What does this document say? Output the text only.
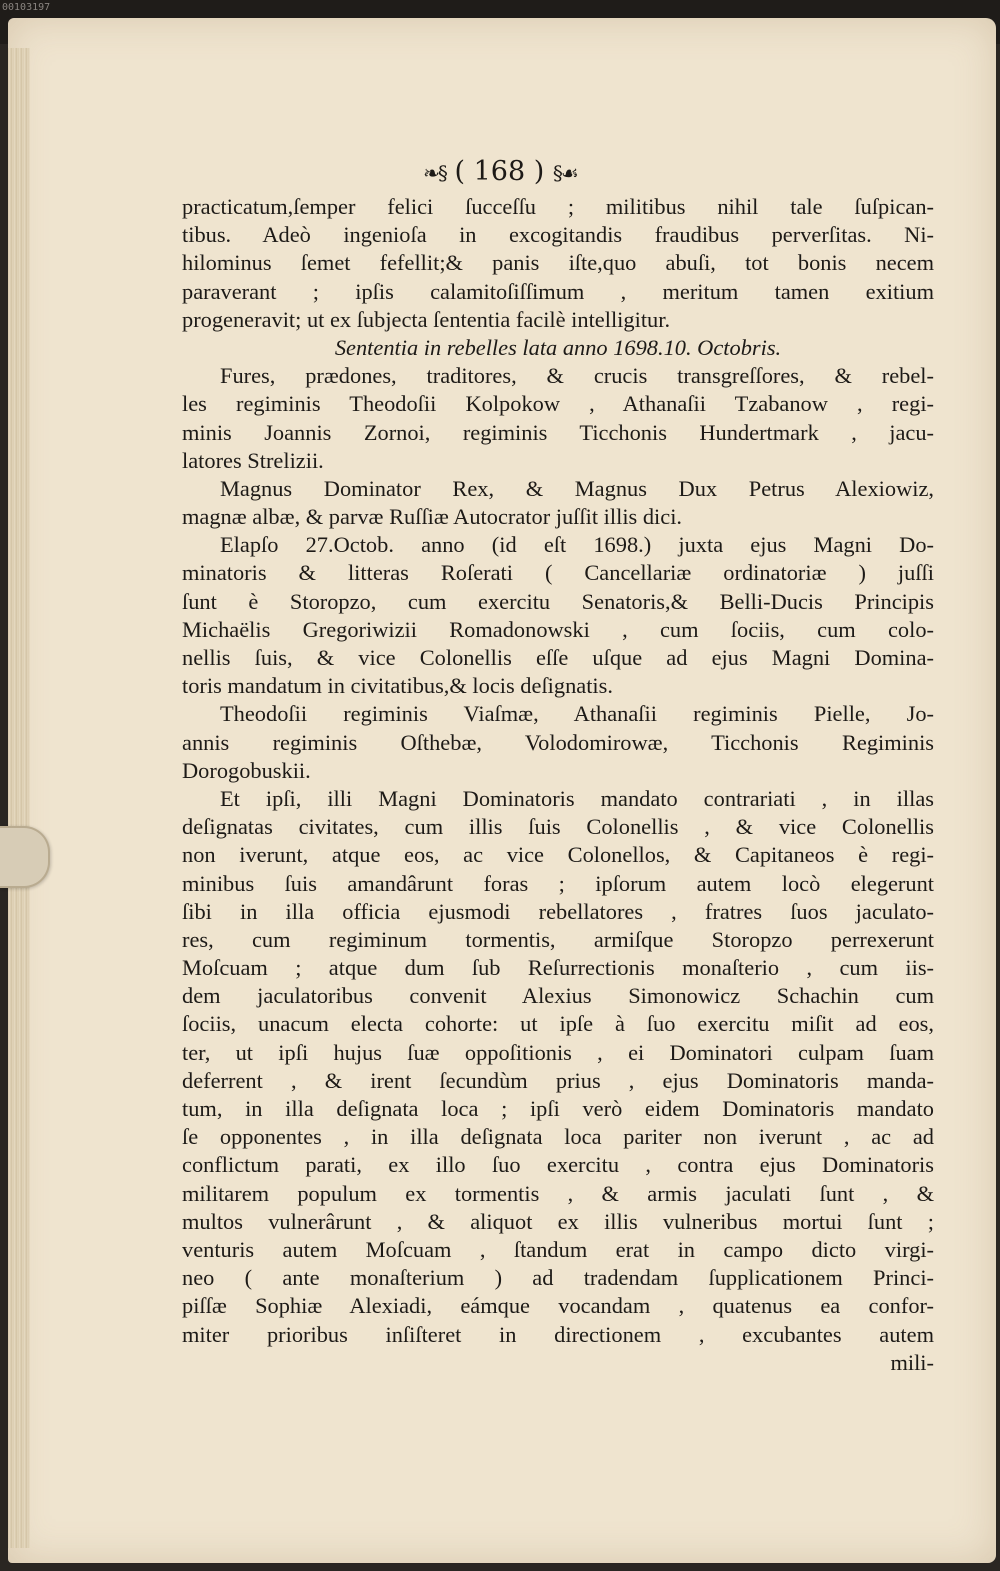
00103197
❧§ ( 168 ) §☙
practicatum,ſemper felici ſucceſſu ; militibus nihil tale ſuſpican-
tibus. Adeò ingenioſa in excogitandis fraudibus perverſitas. Ni-
hilominus ſemet fefellit;& panis iſte,quo abuſi, tot bonis necem
paraverant ; ipſis calamitoſiſſimum , meritum tamen exitium
progeneravit; ut ex ſubjecta ſententia facilè intelligitur.
Sententia in rebelles lata anno 1698.10. Octobris.
Fures, prædones, traditores, & crucis transgreſſores, & rebel-
les regiminis Theodoſii Kolpokow , Athanaſii Tzabanow , regi-
minis Joannis Zornoi, regiminis Ticchonis Hundertmark , jacu-
latores Strelizii.
Magnus Dominator Rex, & Magnus Dux Petrus Alexiowiz,
magnæ albæ, & parvæ Ruſſiæ Autocrator juſſit illis dici.
Elapſo 27.Octob. anno (id eſt 1698.) juxta ejus Magni Do-
minatoris & litteras Roſerati ( Cancellariæ ordinatoriæ ) juſſi
ſunt è Storopzo, cum exercitu Senatoris,& Belli-Ducis Principis
Michaëlis Gregoriwizii Romadonowski , cum ſociis, cum colo-
nellis ſuis, & vice Colonellis eſſe uſque ad ejus Magni Domina-
toris mandatum in civitatibus,& locis deſignatis.
Theodoſii regiminis Viaſmæ, Athanaſii regiminis Pielle, Jo-
annis regiminis Oſthebæ, Volodomirowæ, Ticchonis Regiminis
Dorogobuskii.
Et ipſi, illi Magni Dominatoris mandato contrariati , in illas
deſignatas civitates, cum illis ſuis Colonellis , & vice Colonellis
non iverunt, atque eos, ac vice Colonellos, & Capitaneos è regi-
minibus ſuis amandârunt foras ; ipſorum autem locò elegerunt
ſibi in illa officia ejusmodi rebellatores , fratres ſuos jaculato-
res, cum regiminum tormentis, armiſque Storopzo perrexerunt
Moſcuam ; atque dum ſub Reſurrectionis monaſterio , cum iis-
dem jaculatoribus convenit Alexius Simonowicz Schachin cum
ſociis, unacum electa cohorte: ut ipſe à ſuo exercitu miſit ad eos,
ter, ut ipſi hujus ſuæ oppoſitionis , ei Dominatori culpam ſuam
deferrent , & irent ſecundùm prius , ejus Dominatoris manda-
tum, in illa deſignata loca ; ipſi verò eidem Dominatoris mandato
ſe opponentes , in illa deſignata loca pariter non iverunt , ac ad
conflictum parati, ex illo ſuo exercitu , contra ejus Dominatoris
militarem populum ex tormentis , & armis jaculati ſunt , &
multos vulnerârunt , & aliquot ex illis vulneribus mortui ſunt ;
venturis autem Moſcuam , ſtandum erat in campo dicto virgi-
neo ( ante monaſterium ) ad tradendam ſupplicationem Princi-
piſſæ Sophiæ Alexiadi, eámque vocandam , quatenus ea confor-
miter prioribus inſiſteret in directionem , excubantes autem
mili-
